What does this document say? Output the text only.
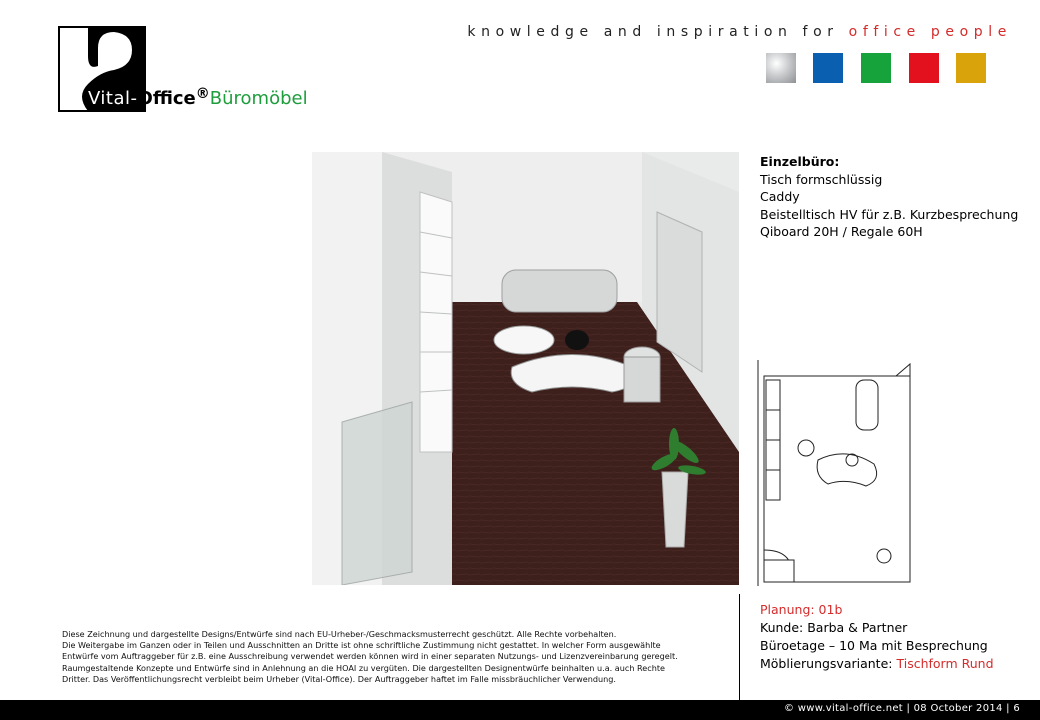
Vital-Office®Büromöbel
knowledge and inspiration for office people
Einzelbüro:
Tisch formschlüssig
Caddy
Beistelltisch HV für z.B. Kurzbesprechung
Qiboard 20H / Regale 60H
Planung: 01b
Kunde: Barba & Partner
Büroetage – 10 Ma mit Besprechung
Möblierungsvariante: Tischform Rund
Diese Zeichnung und dargestellte Designs/Entwürfe sind nach EU-Urheber-/Geschmacksmusterrecht geschützt. Alle Rechte vorbehalten.
Die Weitergabe im Ganzen oder in Teilen und Ausschnitten an Dritte ist ohne schriftliche Zustimmung nicht gestattet. In welcher Form ausgewählte
Entwürfe vom Auftraggeber für z.B. eine Ausschreibung verwendet werden können wird in einer separaten Nutzungs- und Lizenzvereinbarung geregelt.
Raumgestaltende Konzepte und Entwürfe sind in Anlehnung an die HOAI zu vergüten. Die dargestellten Designentwürfe beinhalten u.a. auch Rechte
Dritter. Das Veröffentlichungsrecht verbleibt beim Urheber (Vital-Office). Der Auftraggeber haftet im Falle missbräuchlicher Verwendung.
© www.vital-office.net | 08 October 2014 | 6
